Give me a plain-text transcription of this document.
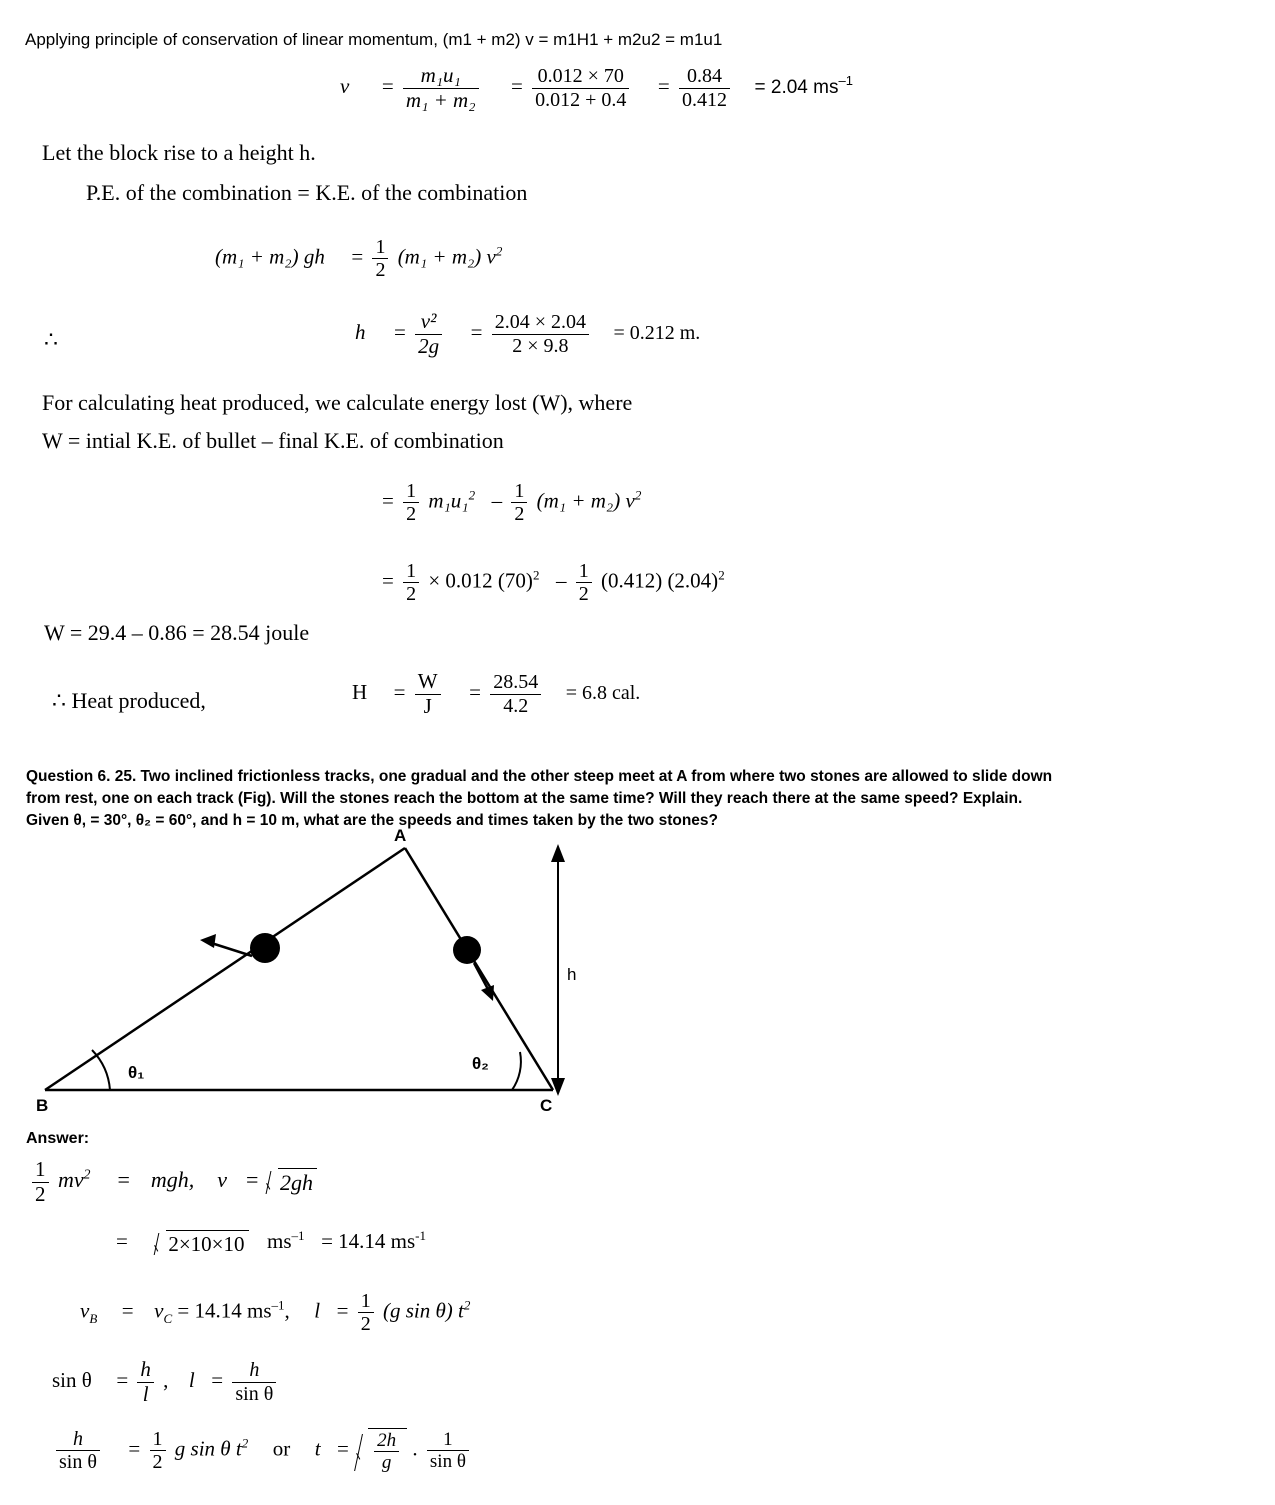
Applying principle of conservation of linear momentum, (m1 + m2) v = m1H1 + m2u2 = m1u1
$v = \frac{\text{m₁u₁}}{\text{m₁ + m₂}} = \frac{0.012 \times 70}{0.012 + 0.4} = \frac{0.84}{0.412} = 2.04$ $ms^{-1}$
Let the block rise to a height h.
P.E. of the combination = K.E. of the combination
(m₁ + m₂) gh = $\frac{1}{2} (m_1 + m_2)$ $v^2$
∴	$h = \frac{\text{v²}}{2g} = \frac{2.04 \times 2.04}{2 \times 9.8} = 0.212$ m.
For calculating heat produced, we calculate energy lost (W), where
W = intial K.E. of bullet – final K.E. of combination
= $\frac{1}{2} m_1u_1^2 - \frac{1}{2} (m_1 + m_2)$ $v^2$
= $\frac{1}{2} \times 0.012$ $(70)^2 - \frac{1}{2} (0.412)$ $(2.04)^2$
W = 29.4 – 0.86 = 28.54 joule
∴ Heat produced,	$H = \frac{W}{J} = \frac{28.54}{4.2} = 6.8$ cal.
Question 6. 25. Two inclined frictionless tracks, one gradual and the other steep meet at A from where two stones are allowed to slide down
from rest, one on each track (Fig). Will the stones reach the bottom at the same time? Will they reach there at the same speed? Explain.
Given θ, = 30°, θ₂ = 60°, and h = 10 m, what are the speeds and times taken by the two stones?
A
B	C
h
θ₁	θ₂
Answer:
$\frac{1}{2} mv^2$ = mgh, v = 2gh
= 2×10×10 $ms^{-1} = 14.14$ $ms^{-1}$
$v_B = v_C = 14.14$ $ms^{-1}$, $l = \frac{1}{2} (g$ sin θ) $t^2$
$\sin \theta = \frac{h}{l}$ , $l = \frac{h}{\text{sin θ}}$
$\frac{h}{\text{sin θ}} = \frac{1}{2}$ g sin θ $t^2$ or $t = \frac{2h}{g}$ . $\frac{1}{\text{sin θ}}$
